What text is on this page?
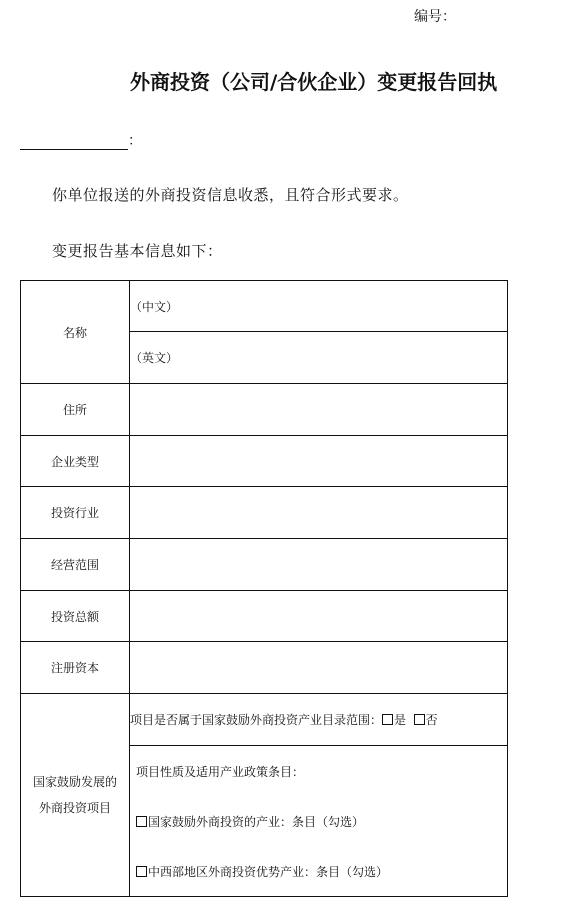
编号：
外商投资（公司/合伙企业）变更报告回执
：
你单位报送的外商投资信息收悉，且符合形式要求。
变更报告基本信息如下：
名称	（中文）
	（英文）
住所	
企业类型	
投资行业	
经营范围	
投资总额	
注册资本	

国家鼓励发展的
外商投资项目	项目是否属于国家鼓励外商投资产业目录范围： 是 否

	项目性质及适用产业政策条目：
国家鼓励外商投资的产业：条目（勾选）
中西部地区外商投资优势产业：条目（勾选）
